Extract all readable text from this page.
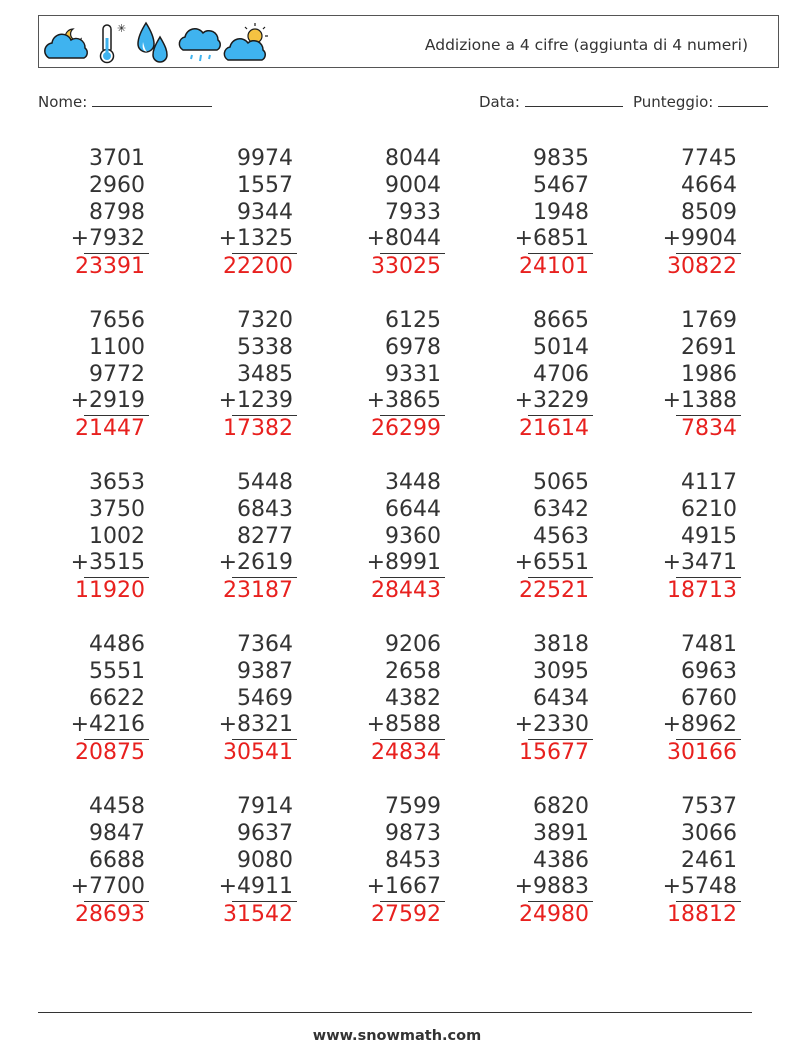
✳
Addizione a 4 cifre (aggiunta di 4 numeri)
Nome:	Data:	Punteggio:
3701
2960
8798
+7932
23391
9974
1557
9344
+1325
22200
8044
9004
7933
+8044
33025
9835
5467
1948
+6851
24101
7745
4664
8509
+9904
30822
7656
1100
9772
+2919
21447
7320
5338
3485
+1239
17382
6125
6978
9331
+3865
26299
8665
5014
4706
+3229
21614
1769
2691
1986
+1388
7834
3653
3750
1002
+3515
11920
5448
6843
8277
+2619
23187
3448
6644
9360
+8991
28443
5065
6342
4563
+6551
22521
4117
6210
4915
+3471
18713
4486
5551
6622
+4216
20875
7364
9387
5469
+8321
30541
9206
2658
4382
+8588
24834
3818
3095
6434
+2330
15677
7481
6963
6760
+8962
30166
4458
9847
6688
+7700
28693
7914
9637
9080
+4911
31542
7599
9873
8453
+1667
27592
6820
3891
4386
+9883
24980
7537
3066
2461
+5748
18812
www.snowmath.com
